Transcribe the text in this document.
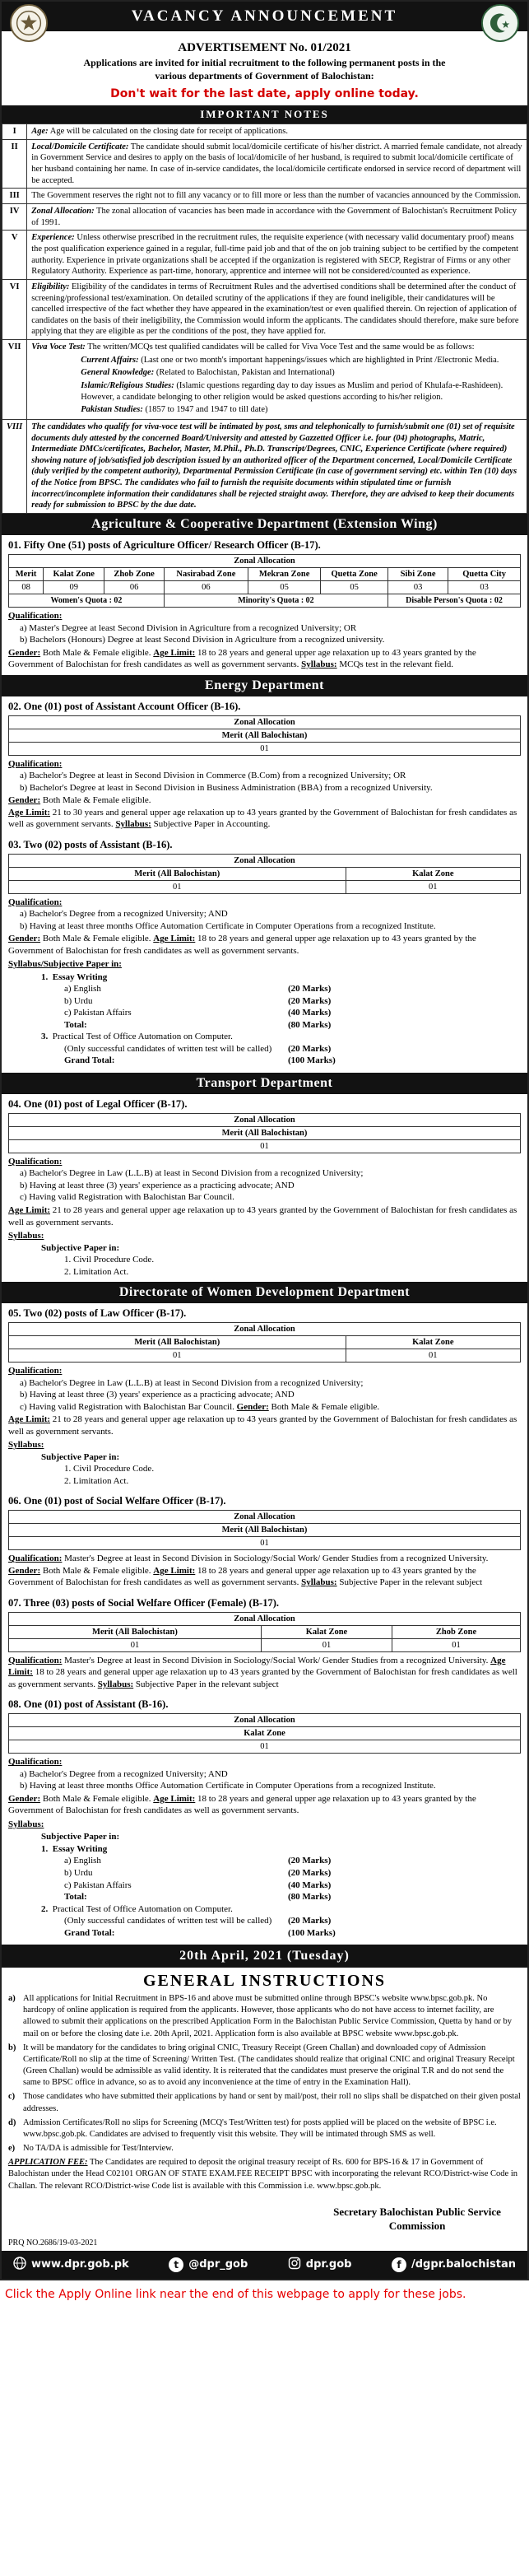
VACANCY ANNOUNCEMENT
ADVERTISEMENT No. 01/2021

Applications are invited for initial recruitment to the following permanent posts in the various departments of Government of Balochistan:

Don't wait for the last date, apply online today.
IMPORTANT NOTES
I	Age: Age will be calculated on the closing date for receipt of applications.
II	Local/Domicile Certificate: The candidate should submit local/domicile certificate of his/her district. A married female candidate, not already in Government Service and desires to apply on the basis of local/domicile of her husband, is required to submit local/domicile certificate of her husband containing her name. In case of in-service candidates, the local/domicile certificate endorsed in service record of department will be accepted.
III	The Government reserves the right not to fill any vacancy or to fill more or less than the number of vacancies announced by the Commission.
IV	Zonal Allocation: The zonal allocation of vacancies has been made in accordance with the Government of Balochistan's Recruitment Policy of 1991.
V	Experience: Unless otherwise prescribed in the recruitment rules, the requisite experience (with necessary valid documentary proof) means the post qualification experience gained in a regular, full-time paid job and that of the on job training subject to be certified by the competent authority. Experience in private organizations shall be accepted if the organization is registered with SECP, Registrar of Firms or any other Regulatory Authority. Experience as part-time, honorary, apprentice and internee will not be considered/counted as experience.
VI	Eligibility: Eligibility of the candidates in terms of Recruitment Rules and the advertised conditions shall be determined after the conduct of screening/professional test/examination. On detailed scrutiny of the applications if they are found ineligible, their candidatures will be cancelled irrespective of the fact whether they have appeared in the examination/test or even qualified therein. On rejection of application of candidates on the basis of their ineligibility, the Commission would inform the applicants. The candidates should therefore, make sure before applying that they are eligible as per the conditions of the post, they have applied for.
VII	Viva Voce Test: The written/MCQs test qualified candidates will be called for Viva Voce Test and the same would be as follows:
Current Affairs: (Last one or two month's important happenings/issues which are highlighted in Print /Electronic Media.
General Knowledge: (Related to Balochistan, Pakistan and International)
Islamic/Religious Studies: (Islamic questions regarding day to day issues as Muslim and period of Khulafa-e-Rashideen). However, a candidate belonging to other religion would be asked questions according to his/her religion.
Pakistan Studies: (1857 to 1947 and 1947 to till date)

VIII	The candidates who qualify for viva-voce test will be intimated by post, sms and telephonically to furnish/submit one (01) set of requisite documents duly attested by the concerned Board/University and attested by Gazzetted Officer i.e. four (04) photographs, Matric, Intermediate DMCs/certificates, Bachelor, Master, M.Phil., Ph.D. Transcript/Degrees, CNIC, Experience Certificate (where required) showing nature of job/satisfied job description issued by an authorized officer of the Department concerned, Local/Domicile Certificate (duly verified by the competent authority), Departmental Permission Certificate (in case of government serving) etc. within Ten (10) days of the Notice from BPSC. The candidates who fail to furnish the requisite documents within stipulated time or furnish incorrect/incomplete information their candidatures shall be rejected straight away. Therefore, they are advised to keep their documents ready for submission to BPSC by the due date.
Agriculture & Cooperative Department (Extension Wing)
01. Fifty One (51) posts of Agriculture Officer/ Research Officer (B-17).
Zonal Allocation							
Merit	Kalat Zone	Zhob Zone	Nasirabad Zone	Mekran Zone	Quetta Zone	Sibi Zone	Quetta City
08	09	06	06	05	05	03	03
Women's Quota : 02			Minority's Quota : 02			Disable Person's Quota : 02	
Qualification:
a) Master's Degree at least Second Division in Agriculture from a recognized University; OR
b) Bachelors (Honours) Degree at least Second Division in Agriculture from a recognized university.

Gender: Both Male & Female eligible. Age Limit: 18 to 28 years and general upper age relaxation up to 43 years granted by the Government of Balochistan for fresh candidates as well as government servants. Syllabus: MCQs test in the relevant field.

Energy Department
02. One (01) post of Assistant Account Officer (B-16).
Zonal Allocation
Merit (All Balochistan)
01
Qualification:
a) Bachelor's Degree at least in Second Division in Commerce (B.Com) from a recognized University; OR
b) Bachelor's Degree at least in Second Division in Business Administration (BBA) from a recognized University.

Gender: Both Male & Female eligible.
Age Limit: 21 to 30 years and general upper age relaxation up to 43 years granted by the Government of Balochistan for fresh candidates as well as government servants. Syllabus: Subjective Paper in Accounting.

03. Two (02) posts of Assistant (B-16).
Zonal Allocation	
Merit (All Balochistan)	Kalat Zone
01	01
Qualification:
a) Bachelor's Degree from a recognized University; AND
b) Having at least three months Office Automation Certificate in Computer Operations from a recognized Institute.

Gender: Both Male & Female eligible. Age Limit: 18 to 28 years and general upper age relaxation up to 43 years granted by the Government of Balochistan for fresh candidates as well as government servants.

Syllabus/Subjective Paper in:
1. Essay Writing
a) English	(20 Marks)
b) Urdu	(20 Marks)
c) Pakistan Affairs	(40 Marks)
Total:	(80 Marks)
3. Practical Test of Office Automation on Computer.
(Only successful candidates of written test will be called)	(20 Marks)
Grand Total:	(100 Marks)
Transport Department
04. One (01) post of Legal Officer (B-17).
Zonal Allocation
Merit (All Balochistan)
01
Qualification:
a) Bachelor's Degree in Law (L.L.B) at least in Second Division from a recognized University;
b) Having at least three (3) years' experience as a practicing advocate; AND
c) Having valid Registration with Balochistan Bar Council.

Age Limit: 21 to 28 years and general upper age relaxation up to 43 years granted by the Government of Balochistan for fresh candidates as well as government servants.

Syllabus:
Subjective Paper in:
1. Civil Procedure Code.
2. Limitation Act.
Directorate of Women Development Department
05. Two (02) posts of Law Officer (B-17).
Zonal Allocation	
Merit (All Balochistan)	Kalat Zone
01	01
Qualification:
a) Bachelor's Degree in Law (L.L.B) at least in Second Division from a recognized University;
b) Having at least three (3) years' experience as a practicing advocate; AND
c) Having valid Registration with Balochistan Bar Council. Gender: Both Male & Female eligible.

Age Limit: 21 to 28 years and general upper age relaxation up to 43 years granted by the Government of Balochistan for fresh candidates as well as government servants.

Syllabus:
Subjective Paper in:
1. Civil Procedure Code.
2. Limitation Act.
06. One (01) post of Social Welfare Officer (B-17).
Zonal Allocation
Merit (All Balochistan)
01

Qualification: Master's Degree at least in Second Division in Sociology/Social Work/ Gender Studies from a recognized University. Gender: Both Male & Female eligible. Age Limit: 18 to 28 years and general upper age relaxation up to 43 years granted by the Government of Balochistan for fresh candidates as well as government servants. Syllabus: Subjective Paper in the relevant subject

07. Three (03) posts of Social Welfare Officer (Female) (B-17).
Zonal Allocation		
Merit (All Balochistan)	Kalat Zone	Zhob Zone
01	01	01

Qualification: Master's Degree at least in Second Division in Sociology/Social Work/ Gender Studies from a recognized University. Age Limit: 18 to 28 years and general upper age relaxation up to 43 years granted by the Government of Balochistan for fresh candidates as well as government servants. Syllabus: Subjective Paper in the relevant subject

08. One (01) post of Assistant (B-16).
Zonal Allocation
Kalat Zone
01
Qualification:
a) Bachelor's Degree from a recognized University; AND
b) Having at least three months Office Automation Certificate in Computer Operations from a recognized Institute.

Gender: Both Male & Female eligible. Age Limit: 18 to 28 years and general upper age relaxation up to 43 years granted by the Government of Balochistan for fresh candidates as well as government servants.

Syllabus:
Subjective Paper in:
1. Essay Writing
a) English	(20 Marks)
b) Urdu	(20 Marks)
c) Pakistan Affairs	(40 Marks)
Total:	(80 Marks)
2. Practical Test of Office Automation on Computer.
(Only successful candidates of written test will be called)	(20 Marks)
Grand Total:	(100 Marks)
20th April, 2021 (Tuesday)
GENERAL INSTRUCTIONS
a) All applications for Initial Recruitment in BPS-16 and above must be submitted online through BPSC's website www.bpsc.gob.pk. No hardcopy of online application is required from the applicants. However, those applicants who do not have access to internet facility, are allowed to submit their applications on the prescribed Application Form in the Balochistan Public Service Commission, Quetta by hand or by mail on or before the closing date i.e. 20th April, 2021. Application form is also available at BPSC website www.bpsc.gob.pk.
b) It will be mandatory for the candidates to bring original CNIC, Treasury Receipt (Green Challan) and downloaded copy of Admission Certificate/Roll no slip at the time of Screening/ Written Test. (The candidates should realize that original CNIC and original Treasury Receipt (Green Challan) would be admissible as valid identity. It is reiterated that the candidates must preserve the original T.R and do not send the same to BPSC office in advance, so as to avoid any inconvenience at the time of entry in the Examination Hall).
c) Those candidates who have submitted their applications by hand or sent by mail/post, their roll no slips shall be dispatched on their given postal addresses.
d) Admission Certificates/Roll no slips for Screening (MCQ's Test/Written test) for posts applied will be placed on the website of BPSC i.e. www.bpsc.gob.pk. Candidates are advised to frequently visit this website. They will be intimated through SMS as well.
e) No TA/DA is admissible for Test/Interview.
APPLICATION FEE: The Candidates are required to deposit the original treasury receipt of Rs. 600 for BPS-16 & 17 in Government of Balochistan under the Head C02101 ORGAN OF STATE EXAM.FEE RECEIPT BPSC with incorporating the relevant RCO/District-wise Code in Challan. The relevant RCO/District-wise Code list is available with this Commission i.e. www.bpsc.gob.pk.
Secretary Balochistan Public Service Commission
PRQ NO.2686/19-03-2021
www.dpr.gob.pk	t @dpr_gob	dpr.gob	f /dgpr.balochistan
Click the Apply Online link near the end of this webpage to apply for these jobs.
